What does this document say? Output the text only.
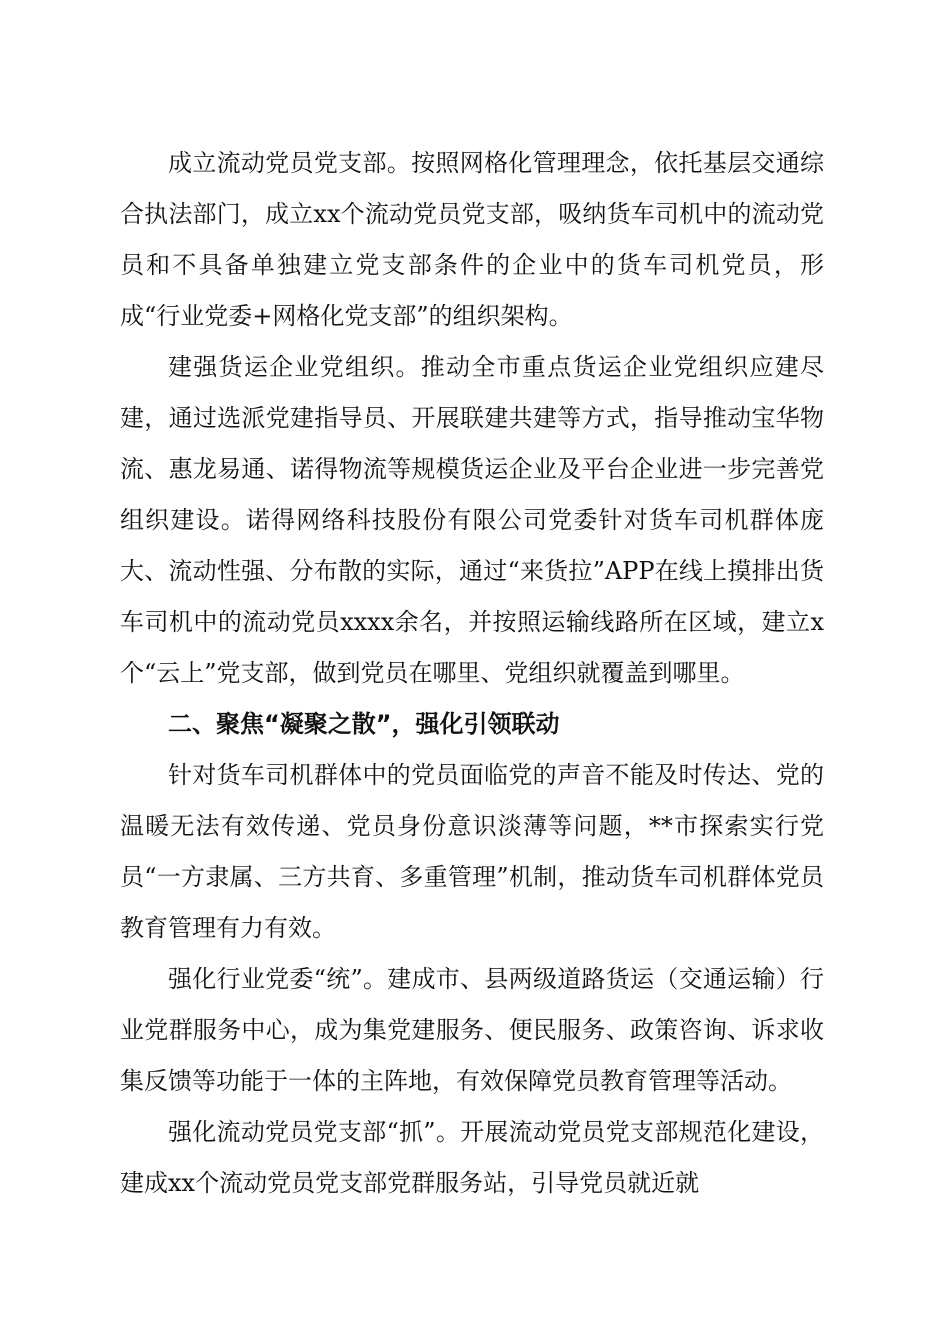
成立流动党员党支部。按照网格化管理理念，依托基层交通综合执法部门，成立xx个流动党员党支部，吸纳货车司机中的流动党员和不具备单独建立党支部条件的企业中的货车司机党员，形成“行业党委+网格化党支部”的组织架构。

建强货运企业党组织。推动全市重点货运企业党组织应建尽建，通过选派党建指导员、开展联建共建等方式，指导推动宝华物流、惠龙易通、诺得物流等规模货运企业及平台企业进一步完善党组织建设。诺得网络科技股份有限公司党委针对货车司机群体庞大、流动性强、分布散的实际，通过“来货拉”APP在线上摸排出货车司机中的流动党员xxxx余名，并按照运输线路所在区域，建立x个“云上”党支部，做到党员在哪里、党组织就覆盖到哪里。

二、聚焦“凝聚之散”，强化引领联动

针对货车司机群体中的党员面临党的声音不能及时传达、党的温暖无法有效传递、党员身份意识淡薄等问题，**市探索实行党员“一方隶属、三方共育、多重管理”机制，推动货车司机群体党员教育管理有力有效。

强化行业党委“统”。建成市、县两级道路货运（交通运输）行业党群服务中心，成为集党建服务、便民服务、政策咨询、诉求收集反馈等功能于一体的主阵地，有效保障党员教育管理等活动。

强化流动党员党支部“抓”。开展流动党员党支部规范化建设，建成xx个流动党员党支部党群服务站，引导党员就近就
